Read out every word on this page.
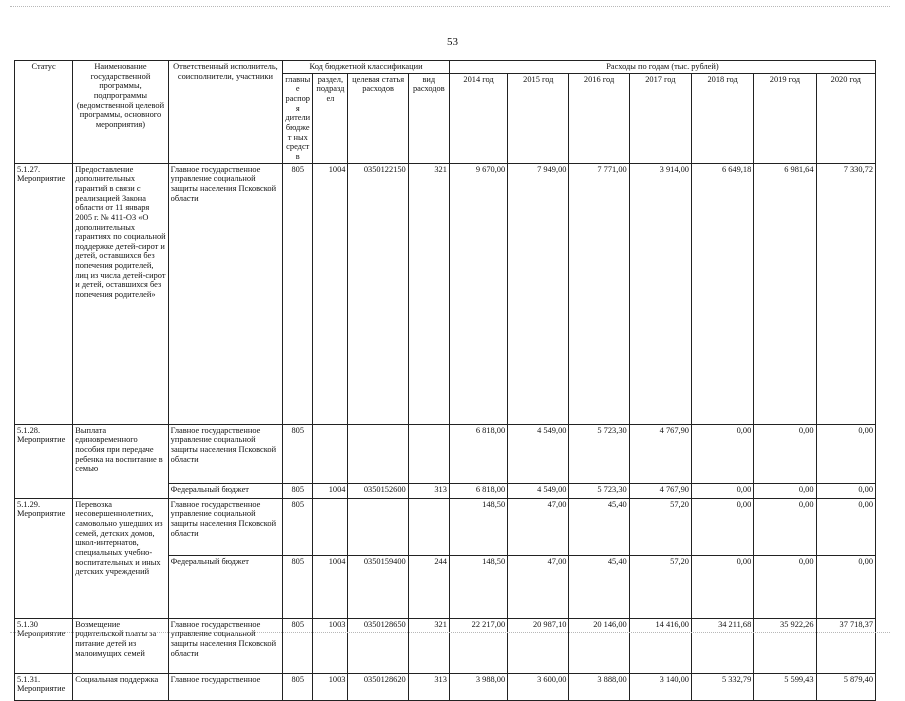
53
Статус	Наименование государственной программы, подпрограммы (ведомственной целевой программы, основного мероприятия)	Ответственный исполнитель, соисполнители, участники	Код бюджетной классификации				Расходы по годам (тыс. рублей)						
			главные распоря дители бюджет ных средств	раздел, подраздел	целевая статья расходов	вид расходов	2014 год	2015 год	2016 год	2017 год	2018 год	2019 год	2020 год

5.1.27.
Мероприятие	Предоставление дополнительных гарантий в связи с реализацией Закона области от 11 января 2005 г. № 411-ОЗ «О дополнительных гарантиях по социальной поддержке детей-сирот и детей, оставшихся без попечения родителей, лиц из числа детей-сирот и детей, оставшихся без попечения родителей»	Главное государственное управление социальной защиты населения Псковской области	805	1004	0350122150	321	9 670,00	7 949,00	7 771,00	3 914,00	6 649,18	6 981,64	7 330,72

5.1.28.
Мероприятие	Выплата единовременного пособия при передаче ребенка на воспитание в семью	Главное государственное управление социальной защиты населения Псковской области	805				6 818,00	4 549,00	5 723,30	4 767,90	0,00	0,00	0,00
		Федеральный бюджет	805	1004	0350152600	313	6 818,00	4 549,00	5 723,30	4 767,90	0,00	0,00	0,00

5.1.29.
Мероприятие	Перевозка несовершеннолетних, самовольно ушедших из семей, детских домов, школ-интернатов, специальных учебно-воспитательных и иных детских учреждений	Главное государственное управление социальной защиты населения Псковской области	805				148,50	47,00	45,40	57,20	0,00	0,00	0,00
		Федеральный бюджет	805	1004	0350159400	244	148,50	47,00	45,40	57,20	0,00	0,00	0,00

5.1.30
Мероприятие	Возмещение родительской платы за питание детей из малоимущих семей	Главное государственное управление социальной защиты населения Псковской области	805	1003	0350128650	321	22 217,00	20 987,10	20 146,00	14 416,00	34 211,68	35 922,26	37 718,37

5.1.31.
Мероприятие	Социальная поддержка	Главное государственное	805	1003	0350128620	313	3 988,00	3 600,00	3 888,00	3 140,00	5 332,79	5 599,43	5 879,40
